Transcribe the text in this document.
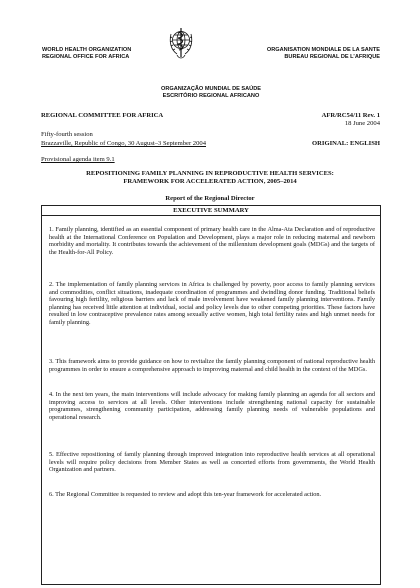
WORLD HEALTH ORGANIZATION
REGIONAL OFFICE FOR AFRICA
ORGANISATION MONDIALE DE LA SANTE
BUREAU REGIONAL DE L’AFRIQUE
ORGANIZAÇÃO MUNDIAL DE SAÚDE
ESCRITÓRIO REGIONAL AFRICANO
REGIONAL COMMITTEE FOR AFRICA	AFR/RC54/11 Rev. 1
18 June 2004
Fifty-fourth session
Brazzaville, Republic of Congo, 30 August–3 September 2004	ORIGINAL: ENGLISH
Provisional agenda item 9.1
REPOSITIONING FAMILY PLANNING IN REPRODUCTIVE HEALTH SERVICES:
FRAMEWORK FOR ACCELERATED ACTION, 2005–2014
Report of the Regional Director
EXECUTIVE SUMMARY
1. Family planning, identified as an essential component of primary health care in the Alma-Ata Declaration and of reproductive health at the International Conference on Population and Development, plays a major role in reducing maternal and newborn morbidity and mortality. It contributes towards the achievement of the millennium development goals (MDGs) and the targets of the Health-for-All Policy.
2. The implementation of family planning services in Africa is challenged by poverty, poor access to family planning services and commodities, conflict situations, inadequate coordination of programmes and dwindling donor funding. Traditional beliefs favouring high fertility, religious barriers and lack of male involvement have weakened family planning interventions. Family planning has received little attention at individual, social and policy levels due to other competing priorities. These factors have resulted in low contraceptive prevalence rates among sexually active women, high total fertility rates and high unmet needs for family planning.
3. This framework aims to provide guidance on how to revitalize the family planning component of national reproductive health programmes in order to ensure a comprehensive approach to improving maternal and child health in the context of the MDGs.
4. In the next ten years, the main interventions will include advocacy for making family planning an agenda for all sectors and improving access to services at all levels. Other interventions include strengthening national capacity for sustainable programmes, strengthening community participation, addressing family planning needs of vulnerable populations and operational research.
5. Effective repositioning of family planning through improved integration into reproductive health services at all operational levels will require policy decisions from Member States as well as concerted efforts from governments, the World Health Organization and partners.
6. The Regional Committee is requested to review and adopt this ten-year framework for accelerated action.
